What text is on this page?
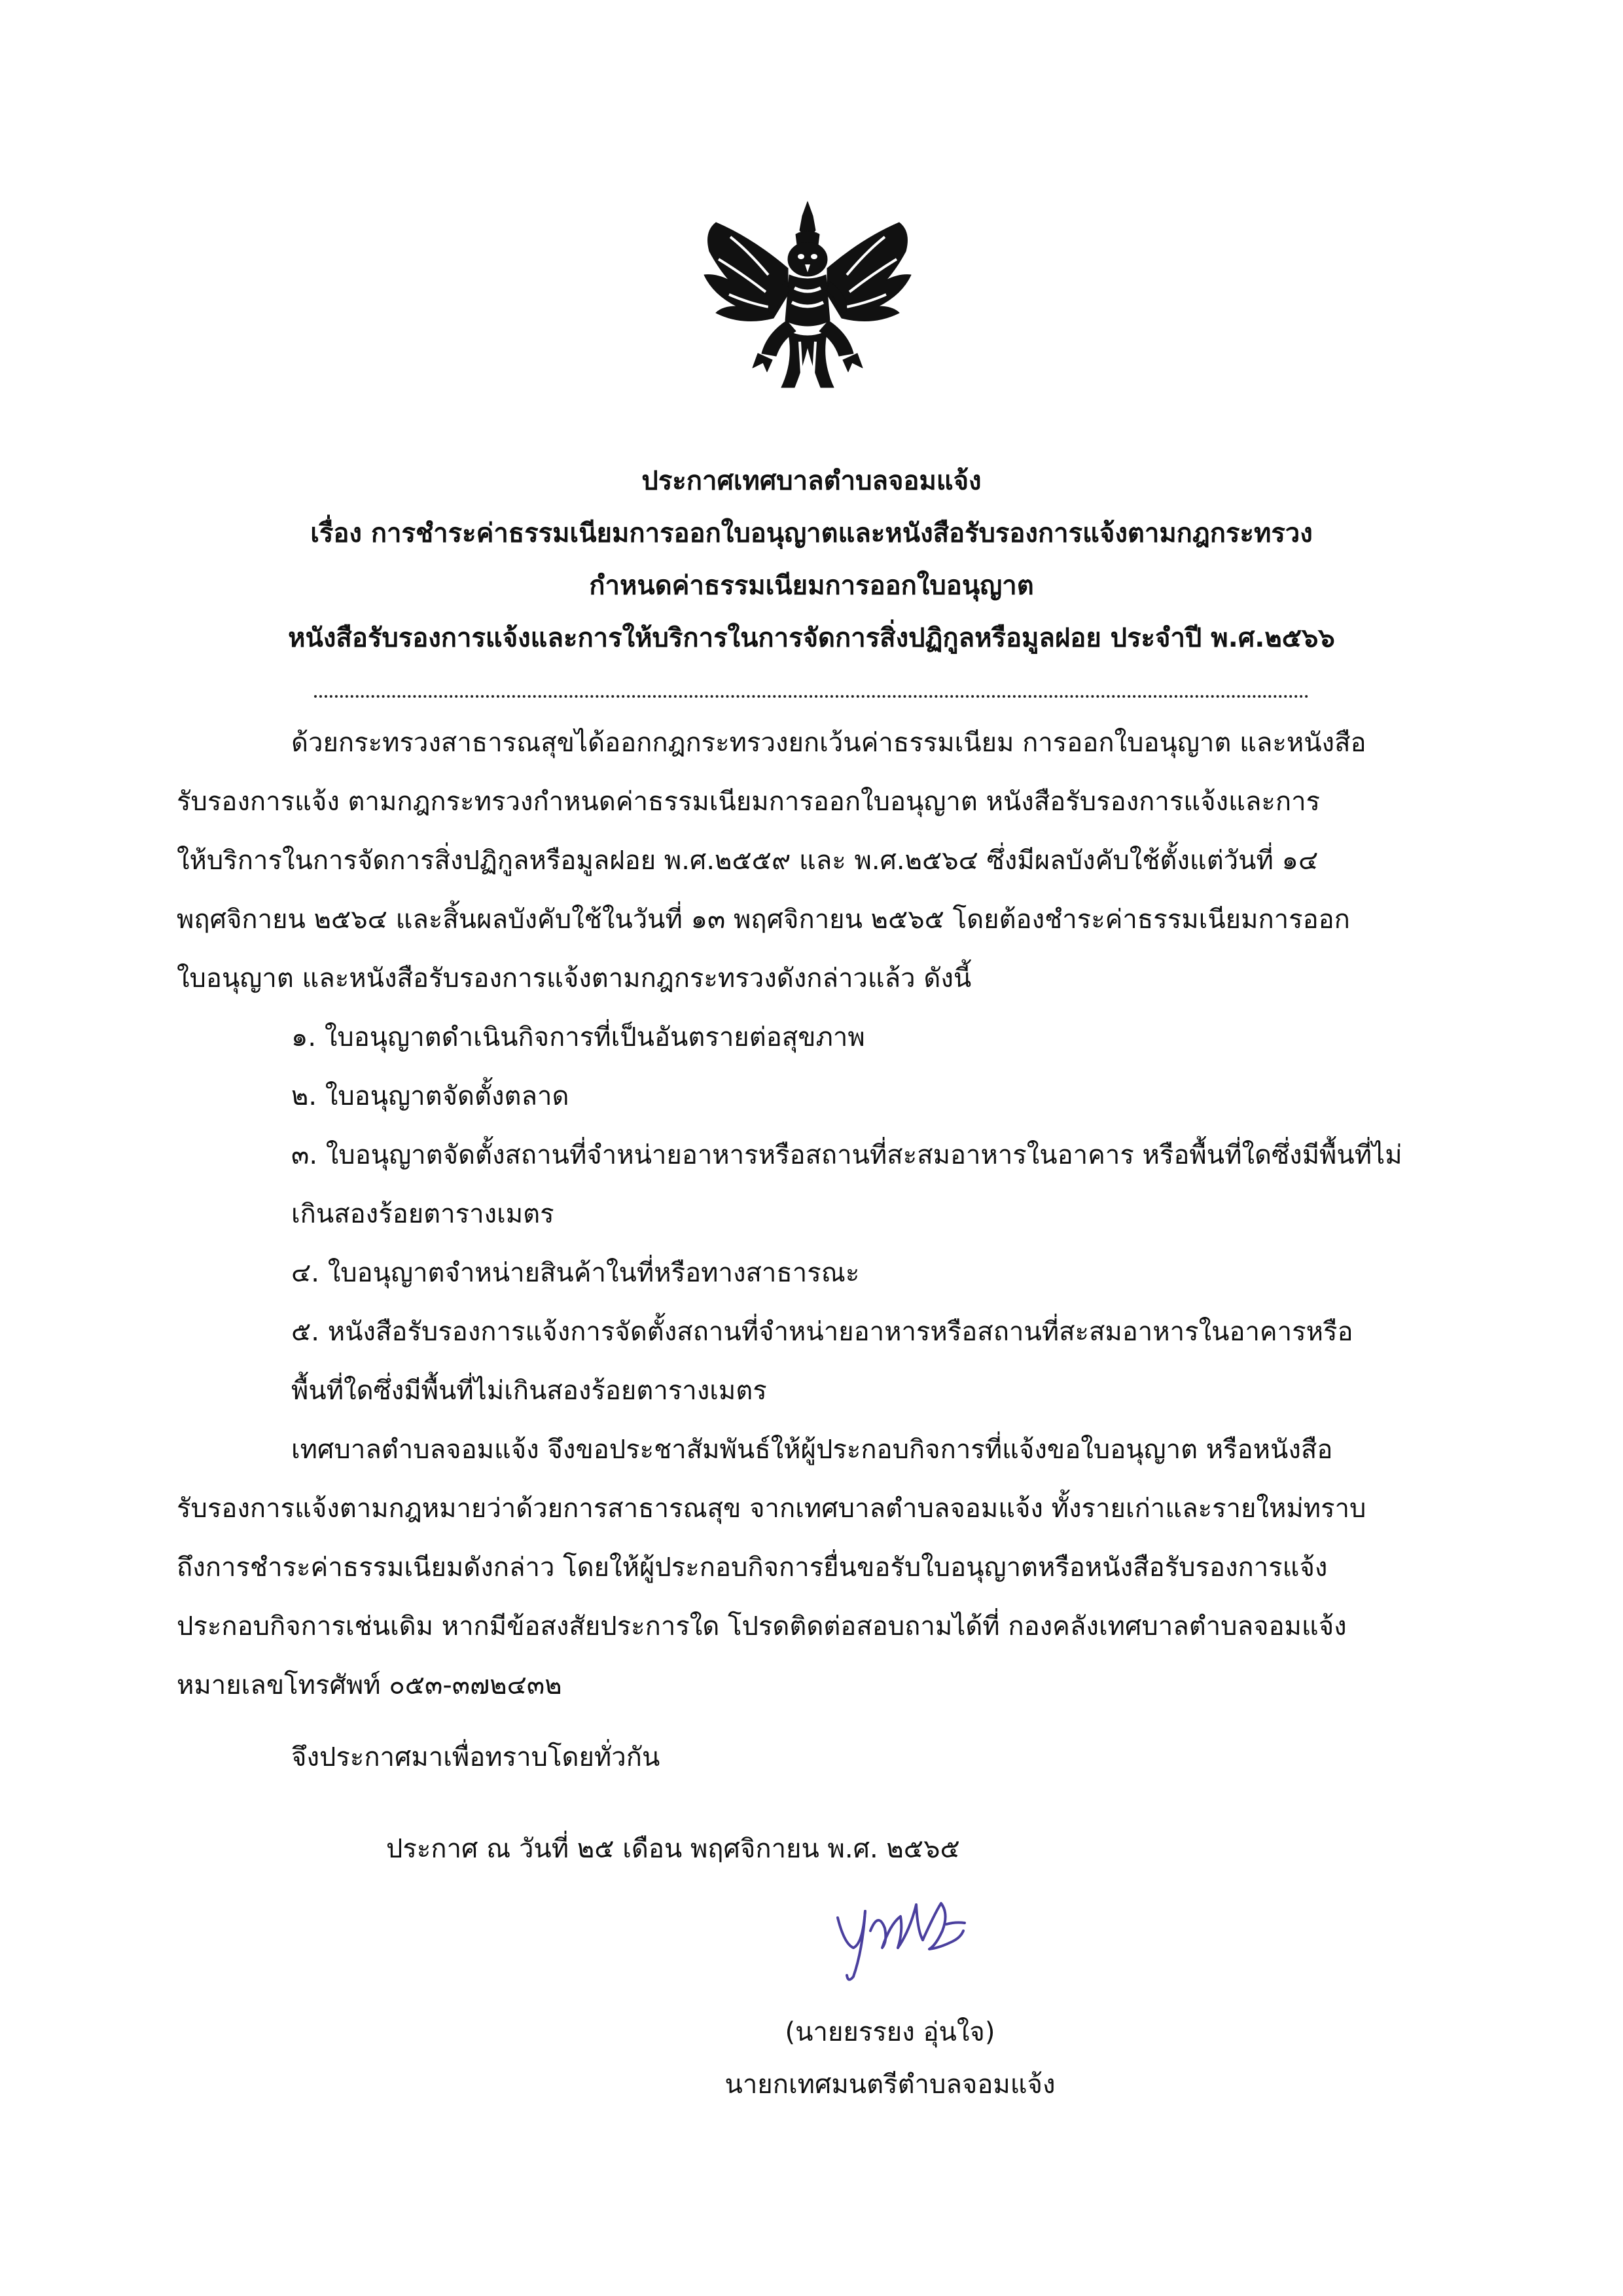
ประกาศเทศบาลตำบลจอมแจ้ง
เรื่อง การชำระค่าธรรมเนียมการออกใบอนุญาตและหนังสือรับรองการแจ้งตามกฎกระทรวง
กำหนดค่าธรรมเนียมการออกใบอนุญาต
หนังสือรับรองการแจ้งและการให้บริการในการจัดการสิ่งปฏิกูลหรือมูลฝอย ประจำปี พ.ศ.๒๕๖๖
ด้วยกระทรวงสาธารณสุขได้ออกกฎกระทรวงยกเว้นค่าธรรมเนียม การออกใบอนุญาต และหนังสือ
รับรองการแจ้ง ตามกฎกระทรวงกำหนดค่าธรรมเนียมการออกใบอนุญาต หนังสือรับรองการแจ้งและการ
ให้บริการในการจัดการสิ่งปฏิกูลหรือมูลฝอย พ.ศ.๒๕๕๙ และ พ.ศ.๒๕๖๔ ซึ่งมีผลบังคับใช้ตั้งแต่วันที่ ๑๔
พฤศจิกายน ๒๕๖๔ และสิ้นผลบังคับใช้ในวันที่ ๑๓ พฤศจิกายน ๒๕๖๕ โดยต้องชำระค่าธรรมเนียมการออก
ใบอนุญาต และหนังสือรับรองการแจ้งตามกฎกระทรวงดังกล่าวแล้ว ดังนี้
๑. ใบอนุญาตดำเนินกิจการที่เป็นอันตรายต่อสุขภาพ
๒. ใบอนุญาตจัดตั้งตลาด
๓. ใบอนุญาตจัดตั้งสถานที่จำหน่ายอาหารหรือสถานที่สะสมอาหารในอาคาร หรือพื้นที่ใดซึ่งมีพื้นที่ไม่
เกินสองร้อยตารางเมตร
๔. ใบอนุญาตจำหน่ายสินค้าในที่หรือทางสาธารณะ
๕. หนังสือรับรองการแจ้งการจัดตั้งสถานที่จำหน่ายอาหารหรือสถานที่สะสมอาหารในอาคารหรือ
พื้นที่ใดซึ่งมีพื้นที่ไม่เกินสองร้อยตารางเมตร
เทศบาลตำบลจอมแจ้ง จึงขอประชาสัมพันธ์ให้ผู้ประกอบกิจการที่แจ้งขอใบอนุญาต หรือหนังสือ
รับรองการแจ้งตามกฎหมายว่าด้วยการสาธารณสุข จากเทศบาลตำบลจอมแจ้ง ทั้งรายเก่าและรายใหม่ทราบ
ถึงการชำระค่าธรรมเนียมดังกล่าว โดยให้ผู้ประกอบกิจการยื่นขอรับใบอนุญาตหรือหนังสือรับรองการแจ้ง
ประกอบกิจการเช่นเดิม หากมีข้อสงสัยประการใด โปรดติดต่อสอบถามได้ที่ กองคลังเทศบาลตำบลจอมแจ้ง
หมายเลขโทรศัพท์ ๐๕๓-๓๗๒๔๓๒
จึงประกาศมาเพื่อทราบโดยทั่วกัน
ประกาศ ณ วันที่ ๒๕ เดือน พฤศจิกายน พ.ศ. ๒๕๖๕
(นายยรรยง อุ่นใจ)
นายกเทศมนตรีตำบลจอมแจ้ง
